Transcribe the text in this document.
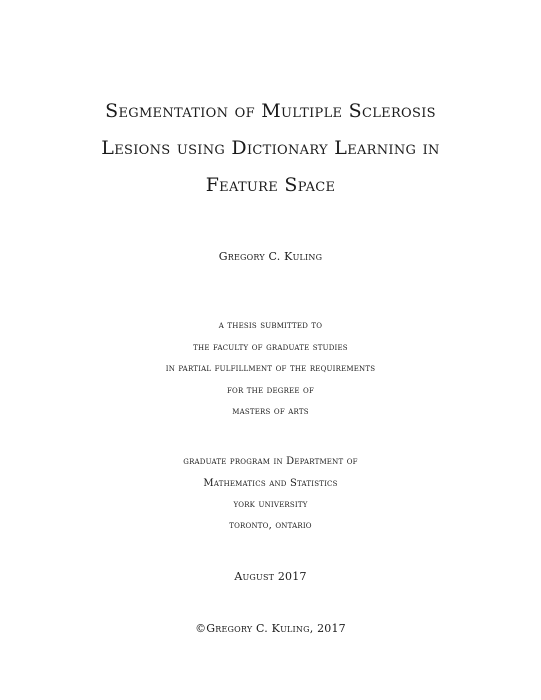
Segmentation of Multiple Sclerosis
Lesions using Dictionary Learning in
Feature Space
Gregory C. Kuling
a thesis submitted to
the faculty of graduate studies
in partial fulfillment of the requirements
for the degree of
masters of arts
graduate program in Department of
Mathematics and Statistics
york university
toronto, ontario
August 2017
©Gregory C. Kuling, 2017
